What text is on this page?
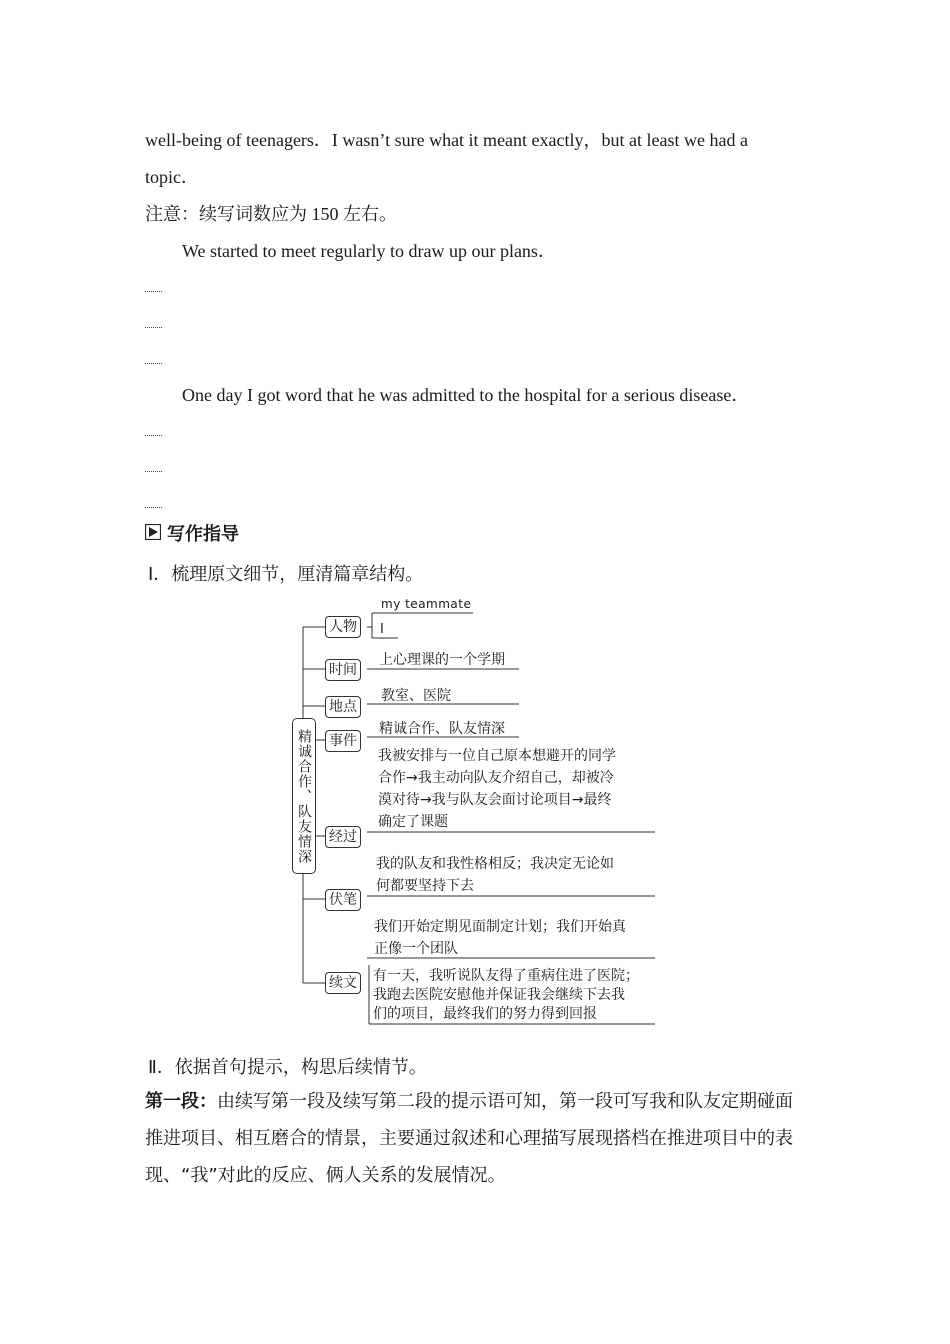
well-being of teenagers．I wasn’t sure what it meant exactly，but at least we had a
topic．
注意：续写词数应为 150 左右。
We started to meet regularly to draw up our plans．
One day I got word that he was admitted to the hospital for a serious disease．
写作指导
Ⅰ．梳理原文细节，厘清篇章结构。
精诚合作、队友情深
人物
时间
地点
事件
经过
伏笔
续文
my teammate
I
上心理课的一个学期
教室、医院
精诚合作、队友情深
我被安排与一位自己原本想避开的同学
合作→我主动向队友介绍自己，却被冷
漠对待→我与队友会面讨论项目→最终
确定了课题
我的队友和我性格相反；我决定无论如
何都要坚持下去
我们开始定期见面制定计划；我们开始真
正像一个团队
有一天，我听说队友得了重病住进了医院；
我跑去医院安慰他并保证我会继续下去我
们的项目，最终我们的努力得到回报
Ⅱ．依据首句提示，构思后续情节。
第一段：由续写第一段及续写第二段的提示语可知，第一段可写我和队友定期碰面推进项目、相互磨合的情景，主要通过叙述和心理描写展现搭档在推进项目中的表现、“我”对此的反应、俩人关系的发展情况。
